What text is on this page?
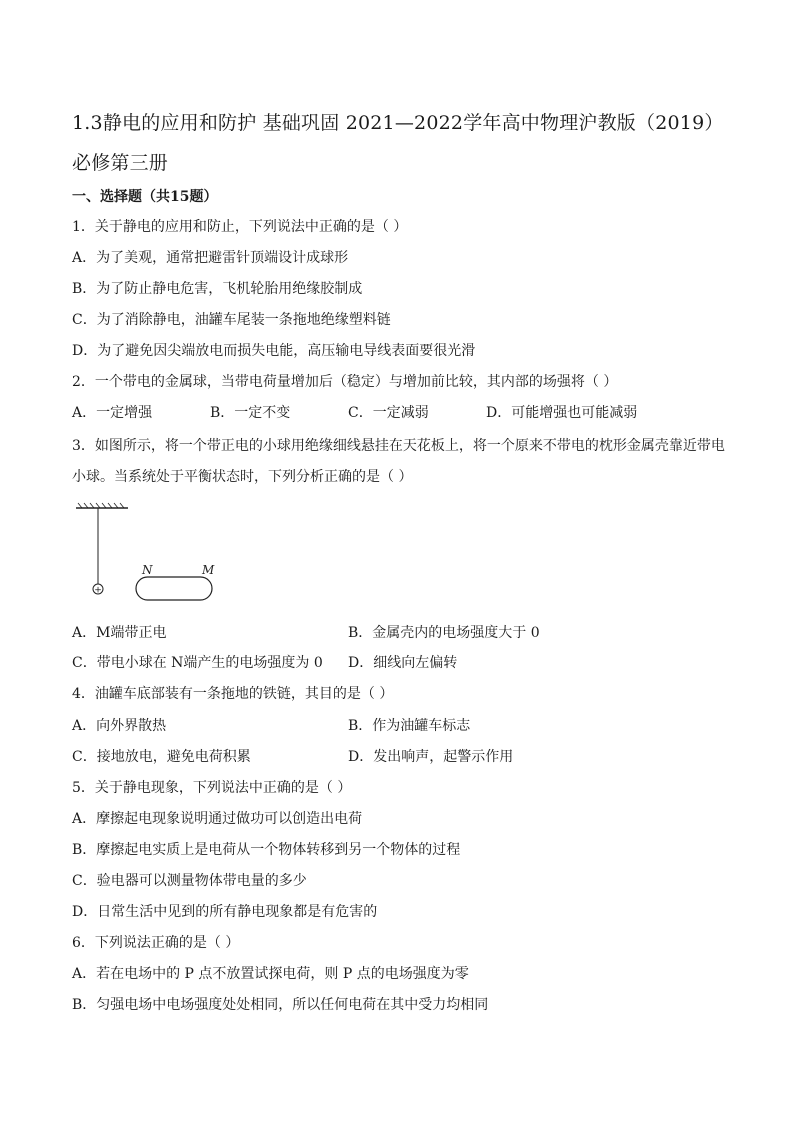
1.3静电的应用和防护 基础巩固 2021—2022学年高中物理沪教版（2019）必修第三册
一、选择题（共15题）
1．关于静电的应用和防止，下列说法中正确的是（ ）
A．为了美观，通常把避雷针顶端设计成球形
B．为了防止静电危害，飞机轮胎用绝缘胶制成
C．为了消除静电，油罐车尾装一条拖地绝缘塑料链
D．为了避免因尖端放电而损失电能，高压输电导线表面要很光滑
2．一个带电的金属球，当带电荷量增加后（稳定）与增加前比较，其内部的场强将（ ）
A．一定增强	B．一定不变	C．一定减弱	D．可能增强也可能减弱
3．如图所示，将一个带正电的小球用绝缘细线悬挂在天花板上，将一个原来不带电的枕形金属壳靠近带电
小球。当系统处于平衡状态时，下列分析正确的是（ ）
+
N	M
A．M端带正电	B．金属壳内的电场强度大于 0
C．带电小球在 N端产生的电场强度为 0 D．细线向左偏转
4．油罐车底部装有一条拖地的铁链，其目的是（ ）
A．向外界散热	B．作为油罐车标志
C．接地放电，避免电荷积累	D．发出响声，起警示作用
5．关于静电现象，下列说法中正确的是（ ）
A．摩擦起电现象说明通过做功可以创造出电荷
B．摩擦起电实质上是电荷从一个物体转移到另一个物体的过程
C．验电器可以测量物体带电量的多少
D．日常生活中见到的所有静电现象都是有危害的
6．下列说法正确的是（ ）
A．若在电场中的 P 点不放置试探电荷，则 P 点的电场强度为零
B．匀强电场中电场强度处处相同，所以任何电荷在其中受力均相同
